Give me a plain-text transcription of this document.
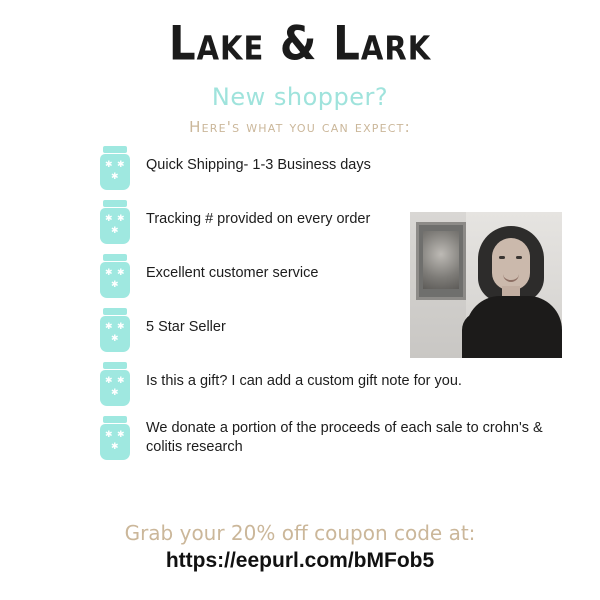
Lake & Lark
New shopper?
Here's what you can expect:
✱ ✱
✱
Quick Shipping- 1-3 Business days
✱ ✱
✱
Tracking # provided on every order
✱ ✱
✱
Excellent customer service
✱ ✱
✱
5 Star Seller
✱ ✱
✱
Is this a gift? I can add a custom gift note for you.
✱ ✱
✱
We donate a portion of the proceeds of each sale to crohn's & colitis research
Grab your 20% off coupon code at:
https://eepurl.com/bMFob5
